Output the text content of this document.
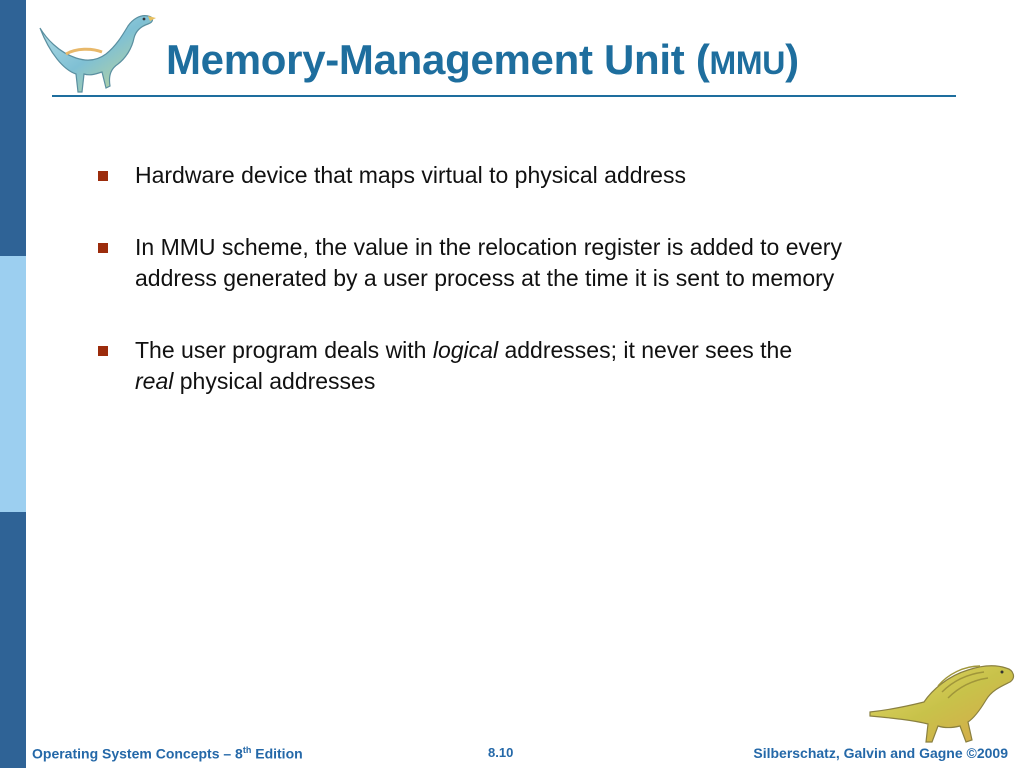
Memory-Management Unit (MMU)
Hardware device that maps virtual to physical address
In MMU scheme, the value in the relocation register is added to every address generated by a user process at the time it is sent to memory
The user program deals with logical addresses; it never sees the
real physical addresses
Operating System Concepts – 8th Edition	8.10	Silberschatz, Galvin and Gagne ©2009
